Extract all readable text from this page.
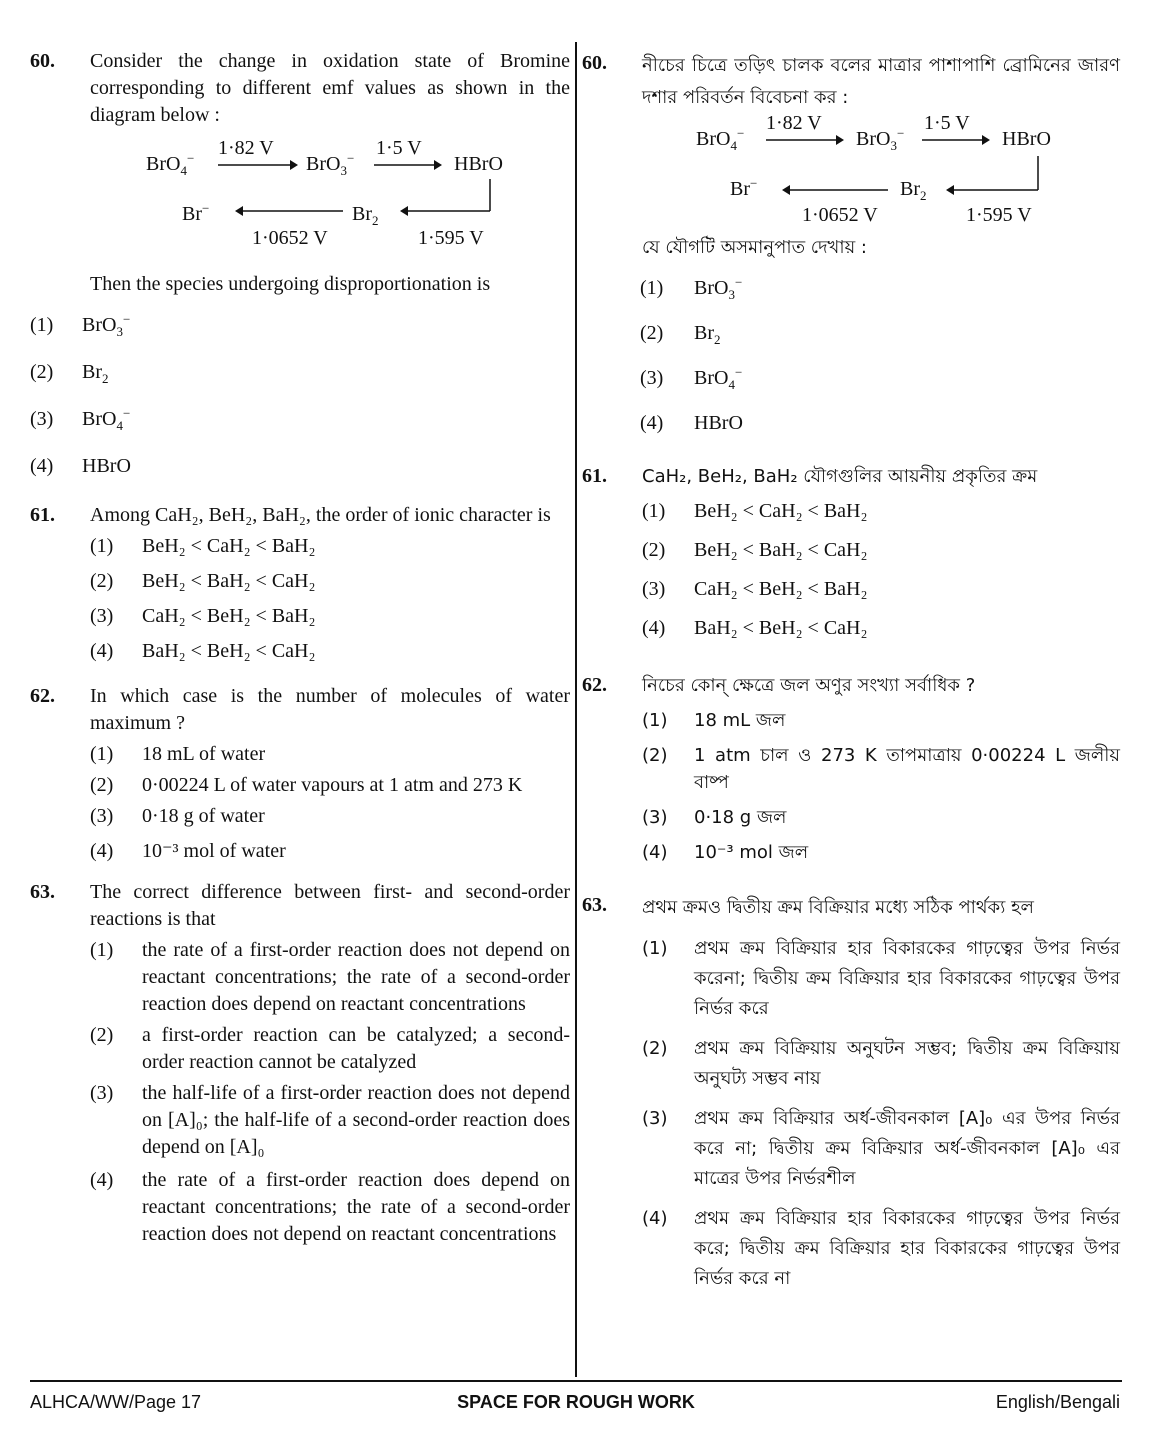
60. Consider the change in oxidation state of Bromine corresponding to different emf values as shown in the diagram below :
BrO$_4$− 1·82 V
BrO$_3$− 1·5 V
HBrO
$Br_2$
Br−
1·0652 V	1·595 V
Then the species undergoing disproportionation is
(1) BrO$_3$−
(2) $Br_2$
(3) BrO$_4$−
(4) HBrO
61. Among CaH₂, BeH₂, BaH₂, the order of ionic character is
(1) BeH₂ < CaH₂ < BaH₂
(2) BeH₂ < BaH₂ < CaH₂
(3) CaH₂ < BeH₂ < BaH₂
(4) BaH₂ < BeH₂ < CaH₂
62. In which case is the number of molecules of water maximum ?
(1) 18 mL of water
(2) 0·00224 L of water vapours at 1 atm and 273 K
(3) 0·18 g of water
(4) 10⁻³ mol of water
63. The correct difference between first- and second-order reactions is that
(1) the rate of a first-order reaction does not depend on reactant concentrations; the rate of a second-order reaction does depend on reactant concentrations
(2) a first-order reaction can be catalyzed; a second-order reaction cannot be catalyzed
(3) the half-life of a first-order reaction does not depend on [A]₀; the half-life of a second-order reaction does depend on [A]₀
(4) the rate of a first-order reaction does depend on reactant concentrations; the rate of a second-order reaction does not depend on reactant concentrations
60. নীচের চিত্রে তড়িৎ চালক বলের মাত্রার পাশাপাশি ব্রোমিনের জারণ দশার পরিবর্তন বিবেচনা কর :
BrO$_4$− 1·82 V
BrO$_3$− 1·5 V
HBrO
$Br_2$
Br−
1·0652 V	1·595 V
যে যৌগটি অসমানুপাত দেখায় :
(1) BrO$_3$−
(2) $Br_2$
(3) BrO$_4$−
(4) HBrO
61. CaH₂, BeH₂, BaH₂ যৌগগুলির আয়নীয় প্রকৃতির ক্রম
(1) BeH₂ < CaH₂ < BaH₂
(2) BeH₂ < BaH₂ < CaH₂
(3) CaH₂ < BeH₂ < BaH₂
(4) BaH₂ < BeH₂ < CaH₂
62. নিচের কোন্ ক্ষেত্রে জল অণুর সংখ্যা সর্বাধিক ?
(1) 18 mL জল
(2) 1 atm চাল ও 273 K তাপমাত্রায় 0·00224 L জলীয় বাষ্প
(3) 0·18 g জল
(4) 10⁻³ mol জল
63. প্রথম ক্রমও দ্বিতীয় ক্রম বিক্রিয়ার মধ্যে সঠিক পার্থক্য হল
(1) প্রথম ক্রম বিক্রিয়ার হার বিকারকের গাঢ়ত্বের উপর নির্ভর করেনা; দ্বিতীয় ক্রম বিক্রিয়ার হার বিকারকের গাঢ়ত্বের উপর নির্ভর করে
(2) প্রথম ক্রম বিক্রিয়ায় অনুঘটন সম্ভব; দ্বিতীয় ক্রম বিক্রিয়ায় অনুঘট্য সম্ভব নায়
(3) প্রথম ক্রম বিক্রিয়ার অর্ধ-জীবনকাল [A]₀ এর উপর নির্ভর করে না; দ্বিতীয় ক্রম বিক্রিয়ার অর্ধ-জীবনকাল [A]₀ এর মাত্রের উপর নির্ভরশীল
(4) প্রথম ক্রম বিক্রিয়ার হার বিকারকের গাঢ়ত্বের উপর নির্ভর করে; দ্বিতীয় ক্রম বিক্রিয়ার হার বিকারকের গাঢ়ত্বের উপর নির্ভর করে না
ALHCA/WW/Page 17	SPACE FOR ROUGH WORK	English/Bengali
